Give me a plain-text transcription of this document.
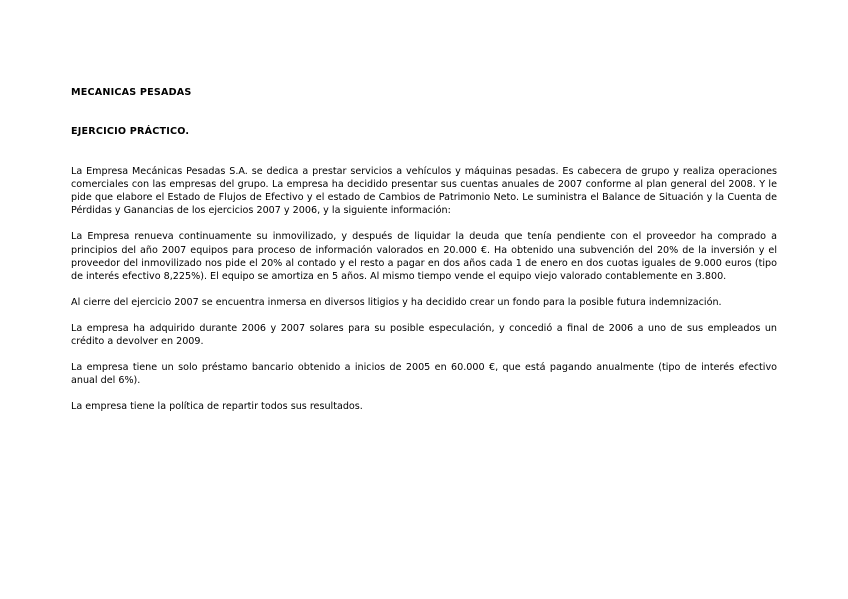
MECANICAS PESADAS

EJERCICIO PRÁCTICO.

La Empresa Mecánicas Pesadas S.A. se dedica a prestar servicios a vehículos y máquinas pesadas. Es cabecera de grupo y realiza operaciones comerciales con las empresas del grupo. La empresa ha decidido presentar sus cuentas anuales de 2007 conforme al plan general del 2008. Y le pide que elabore el Estado de Flujos de Efectivo y el estado de Cambios de Patrimonio Neto. Le suministra el Balance de Situación y la Cuenta de Pérdidas y Ganancias de los ejercicios 2007 y 2006, y la siguiente información:

La Empresa renueva continuamente su inmovilizado, y después de liquidar la deuda que tenía pendiente con el proveedor ha comprado a principios del año 2007 equipos para proceso de información valorados en 20.000 €. Ha obtenido una subvención del 20% de la inversión y el proveedor del inmovilizado nos pide el 20% al contado y el resto a pagar en dos años cada 1 de enero en dos cuotas iguales de 9.000 euros (tipo de interés efectivo 8,225%). El equipo se amortiza en 5 años. Al mismo tiempo vende el equipo viejo valorado contablemente en 3.800.

Al cierre del ejercicio 2007 se encuentra inmersa en diversos litigios y ha decidido crear un fondo para la posible futura indemnización.

La empresa ha adquirido durante 2006 y 2007 solares para su posible especulación, y concedió a final de 2006 a uno de sus empleados un crédito a devolver en 2009.

La empresa tiene un solo préstamo bancario obtenido a inicios de 2005 en 60.000 €, que está pagando anualmente (tipo de interés efectivo anual del 6%).

La empresa tiene la política de repartir todos sus resultados.
